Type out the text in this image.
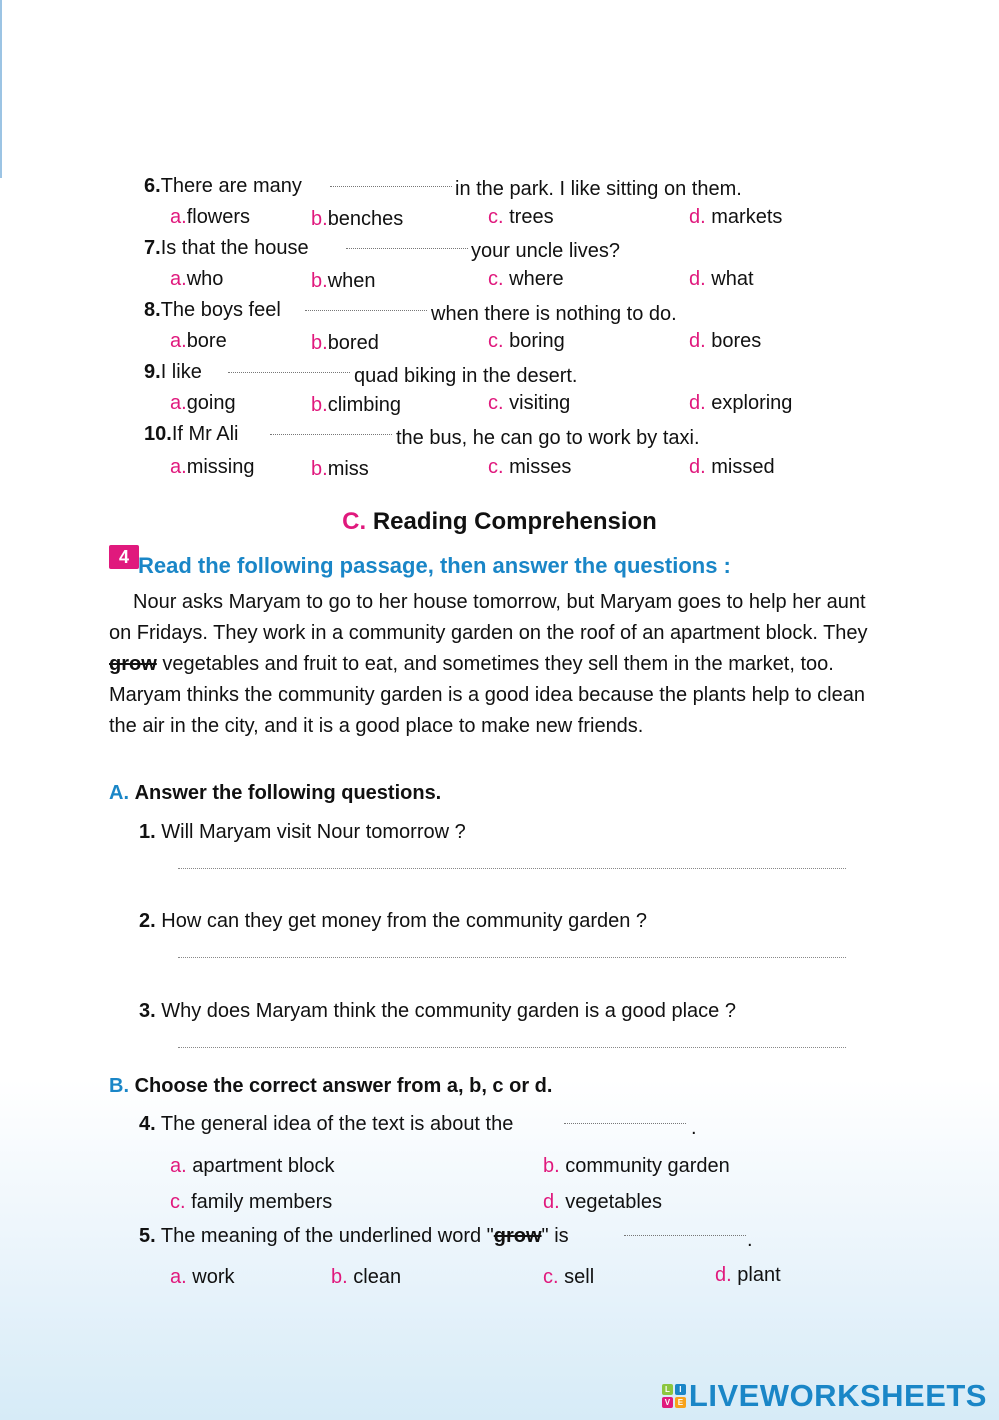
6.There are many	in the park. I like sitting on them.
a.flowers	b.benches	c. trees	d. markets
7.Is that the house	your uncle lives?
a.who	b.when	c. where	d. what
8.The boys feel	when there is nothing to do.
a.bore	b.bored	c. boring	d. bores
9.I like	quad biking in the desert.
a.going	b.climbing	c. visiting	d. exploring
10.If Mr Ali	the bus, he can go to work by taxi.
a.missing	b.miss	c. misses	d. missed
C. Reading Comprehension
4 Read the following passage, then answer the questions :

Nour asks Maryam to go to her house tomorrow, but Maryam goes to help her aunt on Fridays. They work in a community garden on the roof of an apartment block. They grow vegetables and fruit to eat, and sometimes they sell them in the market, too. Maryam thinks the community garden is a good idea because the plants help to clean the air in the city, and it is a good place to make new friends.

A. Answer the following questions.
1. Will Maryam visit Nour tomorrow ?
2. How can they get money from the community garden ?
3. Why does Maryam think the community garden is a good place ?
B. Choose the correct answer from a, b, c or d.
4. The general idea of the text is about the	.
a. apartment block	b. community garden
c. family members	d. vegetables
5. The meaning of the underlined word "grow" is	.
a. work	b. clean	c. sell	d. plant
L	I
V E LIVEWORKSHEETS
